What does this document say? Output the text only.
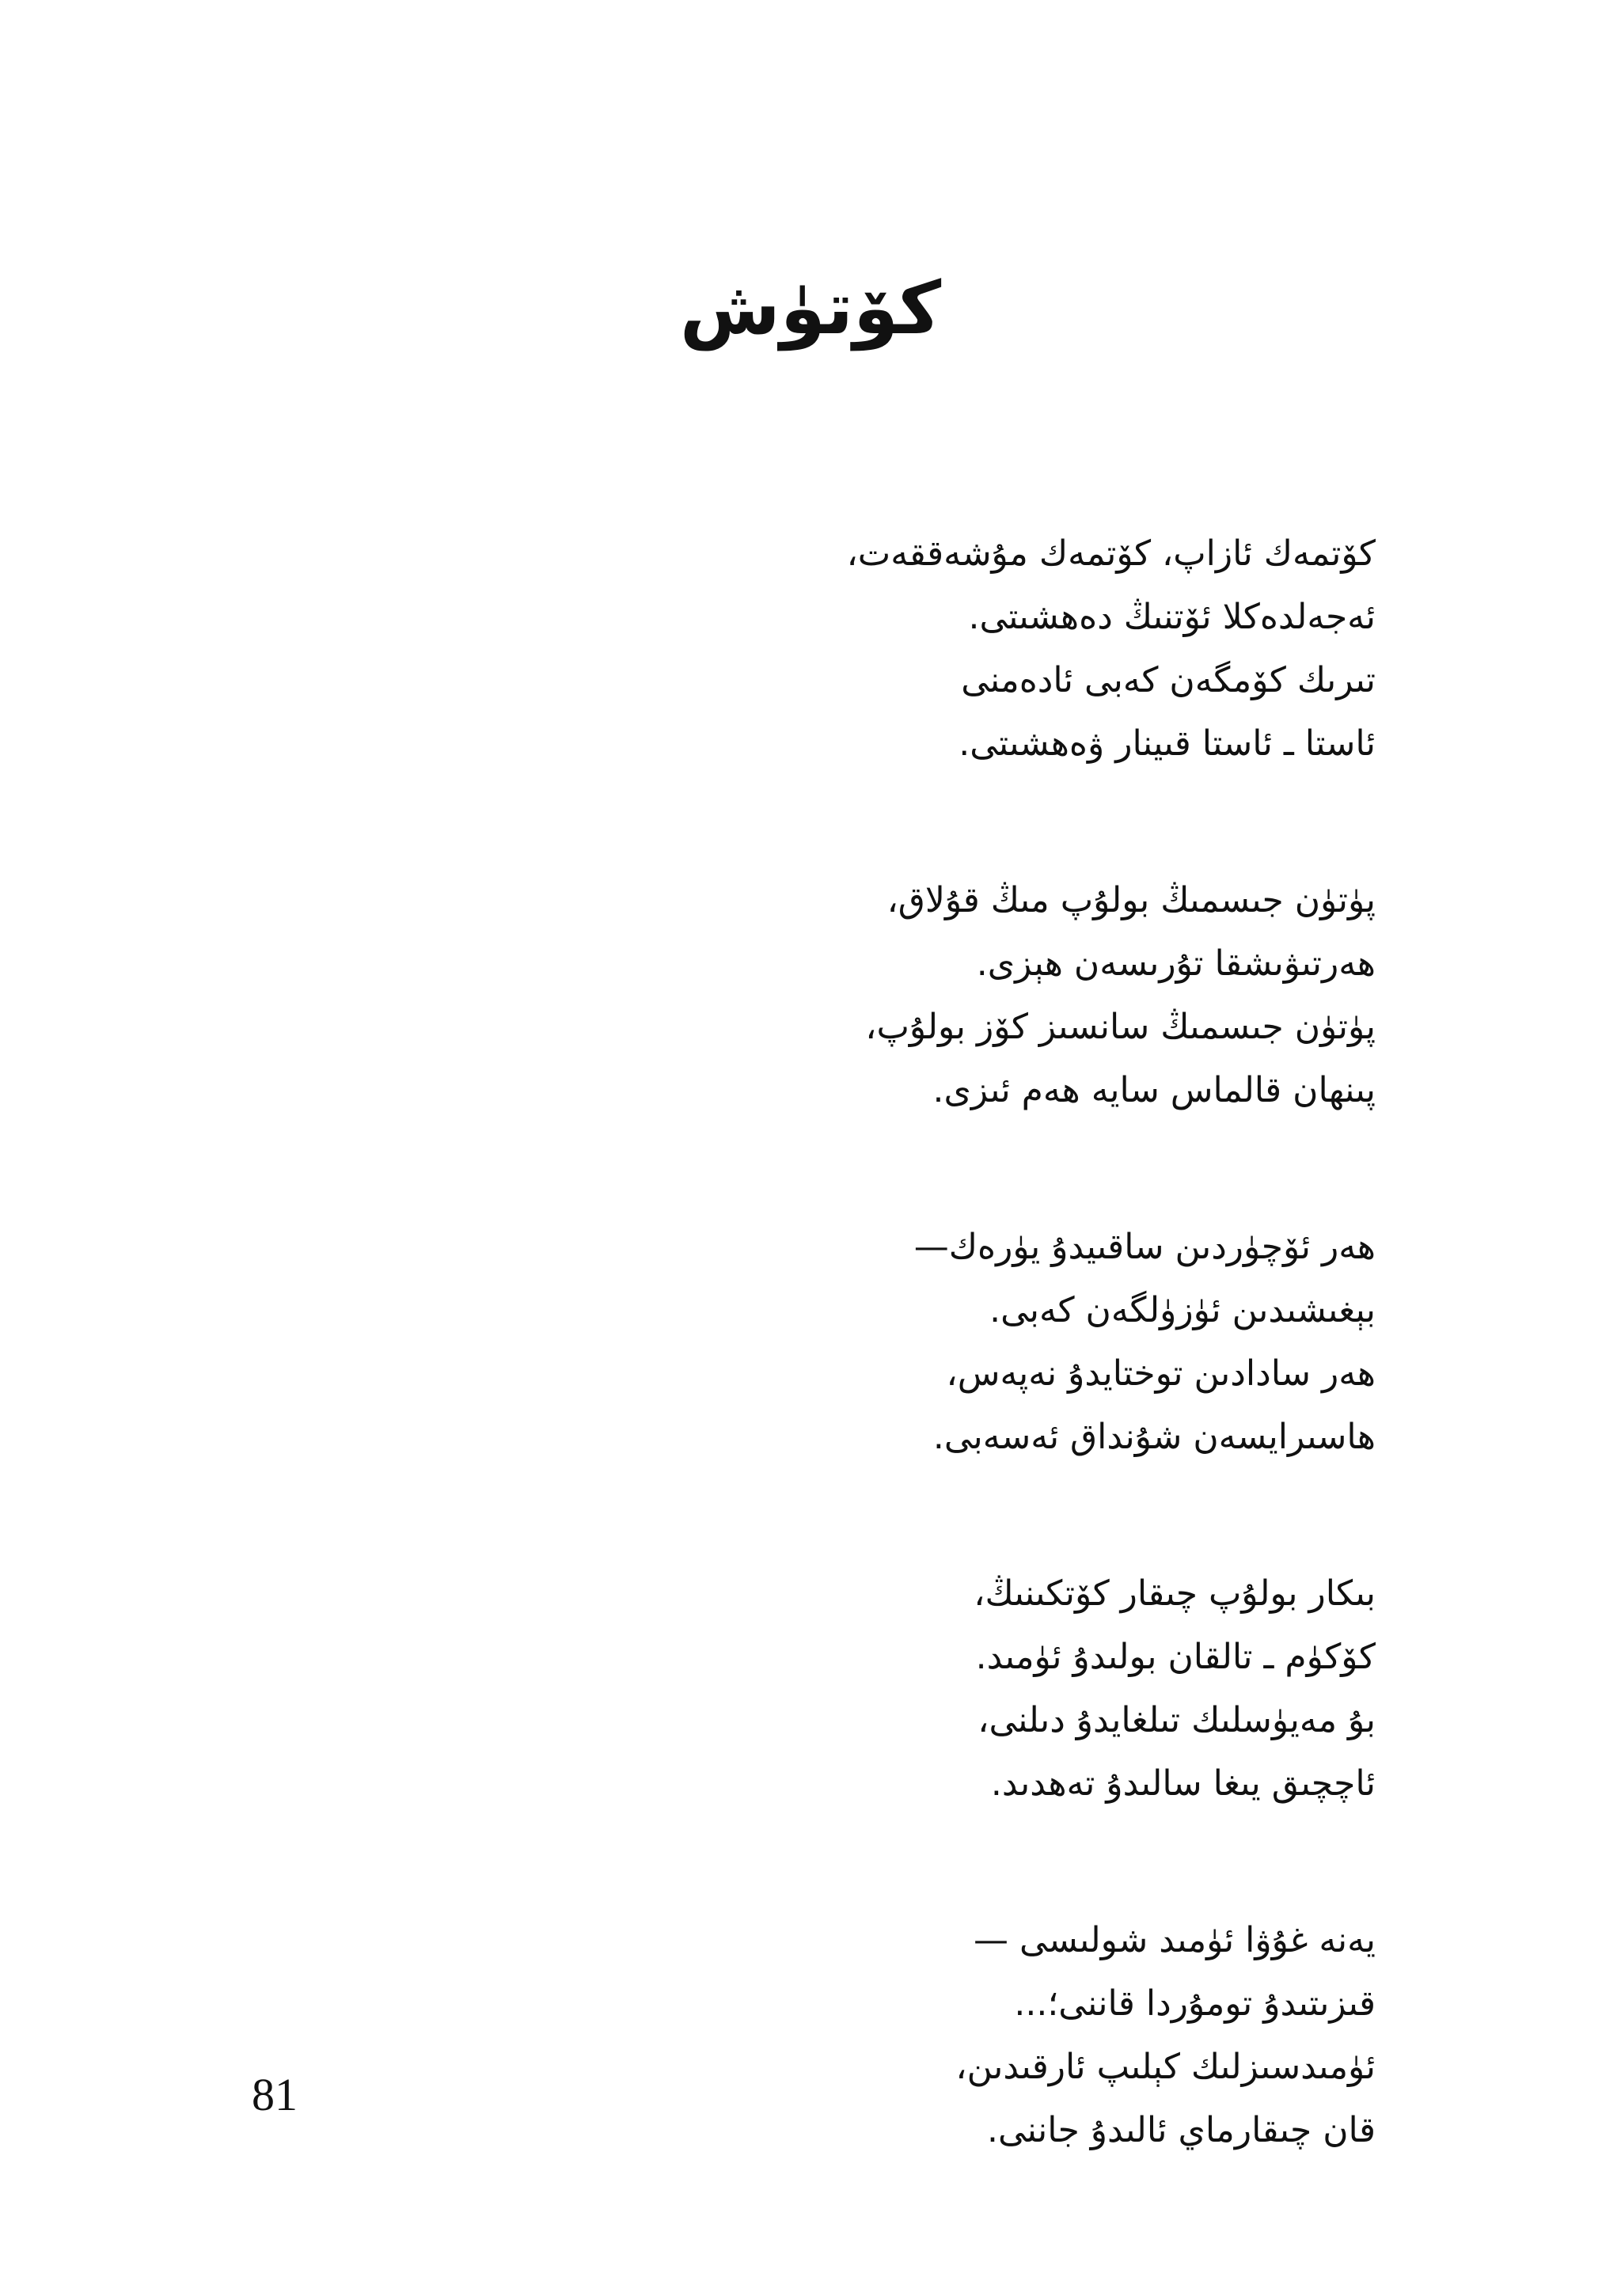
كۆتۈش
كۆتمەك ئازاپ، كۆتمەك مۇشەققەت،
ئەجەلدەكلا ئۆتنىڭ دەھشىتى.
تىرىك كۆمگەن كەبى ئادەمنى
ئاستا ـ ئاستا قىينار ۋەھشىتى.
پۈتۈن جىسمىڭ بولۇپ مىڭ قۇلاق،
ھەرتىۋىشقا تۇرىسەن ھېزى.
پۈتۈن جىسمىڭ سانسىز كۆز بولۇپ،
پىنھان قالماس سايە ھەم ئىزى.
ھەر ئۆچۈردىن ساقىيدۇ يۈرەك—
بېغىشىدىن ئۈزۈلگەن كەبى.
ھەر سادادىن توختايدۇ نەپەس،
ھاسىرايسەن شۇنداق ئەسەبى.
بىكار بولۇپ چىقار كۆتكىنىڭ،
كۆكۈم ـ تالقان بولىدۇ ئۈمىد.
بۇ مەيۈسلىك تىلغايدۇ دىلنى،
ئاچچىق يىغا سالىدۇ تەھدىد.
يەنە غۇۋا ئۈمىد شولىسى —
قىزىتىدۇ تومۇردا قاننى؛...
ئۈمىدسىزلىك كېلىپ ئارقىدىن،
قان چىقارماي ئالىدۇ جاننى.

81
